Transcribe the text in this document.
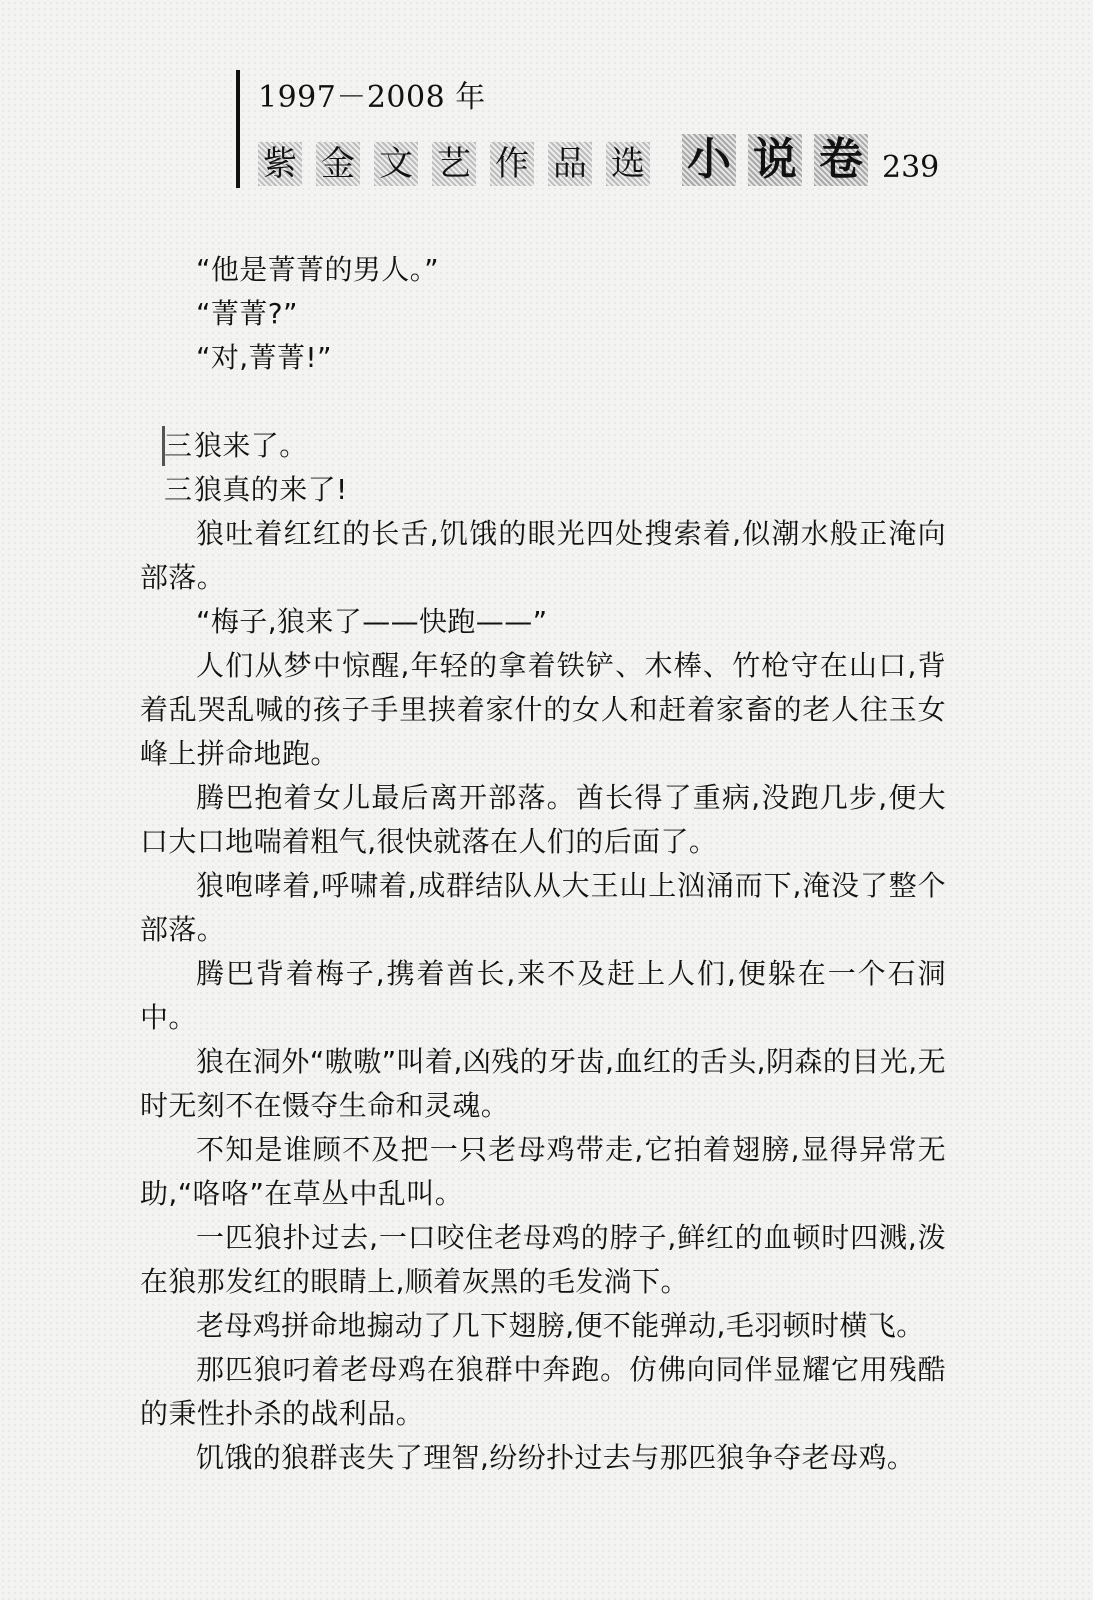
1997－2008 年
紫 金 文 艺 作 品 选 小 说 卷 239

“他是菁菁的男人。”

“菁菁?”

“对,菁菁!”

三 狼来了。

三 狼真的来了!

狼吐着红红的长舌,饥饿的眼光四处搜索着,似潮水般正淹向部落。

“梅子,狼来了——快跑——”

人们从梦中惊醒,年轻的拿着铁铲、木棒、竹枪守在山口,背着乱哭乱喊的孩子手里挟着家什的女人和赶着家畜的老人往玉女峰上拼命地跑。

腾巴抱着女儿最后离开部落。酋长得了重病,没跑几步,便大口大口地喘着粗气,很快就落在人们的后面了。

狼咆哮着,呼啸着,成群结队从大王山上汹涌而下,淹没了整个部落。

腾巴背着梅子,携着酋长,来不及赶上人们,便躲在一个石洞中。

狼在洞外“嗷嗷”叫着,凶残的牙齿,血红的舌头,阴森的目光,无时无刻不在慑夺生命和灵魂。

不知是谁顾不及把一只老母鸡带走,它拍着翅膀,显得异常无助,“咯咯”在草丛中乱叫。

一匹狼扑过去,一口咬住老母鸡的脖子,鲜红的血顿时四溅,泼在狼那发红的眼睛上,顺着灰黑的毛发淌下。

老母鸡拼命地搧动了几下翅膀,便不能弹动,毛羽顿时横飞。

那匹狼叼着老母鸡在狼群中奔跑。仿佛向同伴显耀它用残酷的秉性扑杀的战利品。

饥饿的狼群丧失了理智,纷纷扑过去与那匹狼争夺老母鸡。
